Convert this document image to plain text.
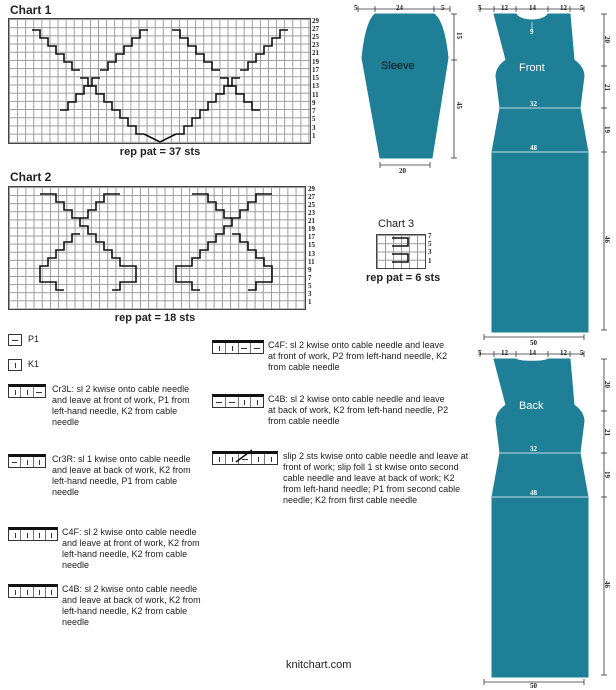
Chart 1
29
27
25
23
21
19
17
15
13
11
9
7
5
3
1
rep pat = 37 sts
Chart 2
29
27
25
23
21
19
17
15
13
11
9
7
5
3
1
rep pat = 18 sts
Chart 3
7
5
3
1
rep pat = 6 sts
5	24	5
15
45
20
Sleeve
5	12	14	12 5
9
32
48
50
20
21
19
46
Front
5	12	14	12 5
32
48
50
20
21
19
46
Back
P1
K1
Cr3L: sl 2 kwise onto cable needle and leave at front of work, P1 from left-hand needle, K2 from cable needle
Cr3R: sl 1 kwise onto cable needle and leave at back of work, K2 from left-hand needle, P1 from cable needle
C4F: sl 2 kwise onto cable needle and leave at front of work, K2 from left-hand needle, K2 from cable needle
C4B: sl 2 kwise onto cable needle and leave at back of work, K2 from left-hand needle, K2 from cable needle
C4F: sl 2 kwise onto cable needle and leave at front of work, P2 from left-hand needle, K2 from cable needle
C4B: sl 2 kwise onto cable needle and leave at back of work, K2 from left-hand needle, P2 from cable needle
slip 2 sts kwise onto cable needle and leave at front of work; slip foll 1 st kwise onto second cable needle and leave at back of work; K2 from left-hand needle; P1 from second cable needle; K2 from first cable needle
knitchart.com
